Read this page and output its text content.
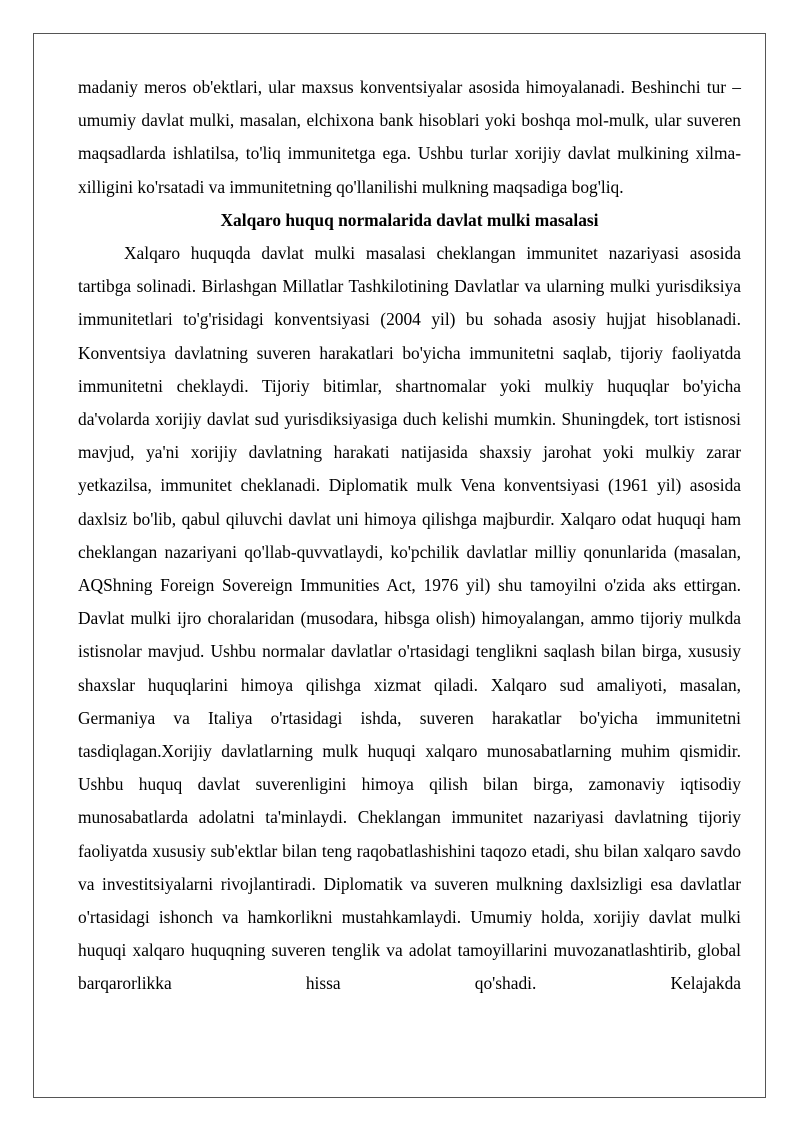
madaniy meros ob'ektlari, ular maxsus konventsiyalar asosida himoyalanadi. Beshinchi tur – umumiy davlat mulki, masalan, elchixona bank hisoblari yoki boshqa mol-mulk, ular suveren maqsadlarda ishlatilsa, to'liq immunitetga ega. Ushbu turlar xorijiy davlat mulkining xilma-xilligini ko'rsatadi va immunitetning qo'llanilishi mulkning maqsadiga bog'liq.

Xalqaro huquq normalarida davlat mulki masalasi

Xalqaro huquqda davlat mulki masalasi cheklangan immunitet nazariyasi asosida tartibga solinadi. Birlashgan Millatlar Tashkilotining Davlatlar va ularning mulki yurisdiksiya immunitetlari to'g'risidagi konventsiyasi (2004 yil) bu sohada asosiy hujjat hisoblanadi. Konventsiya davlatning suveren harakatlari bo'yicha immunitetni saqlab, tijoriy faoliyatda immunitetni cheklaydi. Tijoriy bitimlar, shartnomalar yoki mulkiy huquqlar bo'yicha da'volarda xorijiy davlat sud yurisdiksiyasiga duch kelishi mumkin. Shuningdek, tort istisnosi mavjud, ya'ni xorijiy davlatning harakati natijasida shaxsiy jarohat yoki mulkiy zarar yetkazilsa, immunitet cheklanadi. Diplomatik mulk Vena konventsiyasi (1961 yil) asosida daxlsiz bo'lib, qabul qiluvchi davlat uni himoya qilishga majburdir. Xalqaro odat huquqi ham cheklangan nazariyani qo'llab-quvvatlaydi, ko'pchilik davlatlar milliy qonunlarida (masalan, AQShning Foreign Sovereign Immunities Act, 1976 yil) shu tamoyilni o'zida aks ettirgan. Davlat mulki ijro choralaridan (musodara, hibsga olish) himoyalangan, ammo tijoriy mulkda istisnolar mavjud. Ushbu normalar davlatlar o'rtasidagi tenglikni saqlash bilan birga, xususiy shaxslar huquqlarini himoya qilishga xizmat qiladi. Xalqaro sud amaliyoti, masalan, Germaniya va Italiya o'rtasidagi ishda, suveren harakatlar bo'yicha immunitetni tasdiqlagan.Xorijiy davlatlarning mulk huquqi xalqaro munosabatlarning muhim qismidir. Ushbu huquq davlat suverenligini himoya qilish bilan birga, zamonaviy iqtisodiy munosabatlarda adolatni ta'minlaydi. Cheklangan immunitet nazariyasi davlatning tijoriy faoliyatda xususiy sub'ektlar bilan teng raqobatlashishini taqozo etadi, shu bilan xalqaro savdo va investitsiyalarni rivojlantiradi. Diplomatik va suveren mulkning daxlsizligi esa davlatlar o'rtasidagi ishonch va hamkorlikni mustahkamlaydi. Umumiy holda, xorijiy davlat mulki huquqi xalqaro huquqning suveren tenglik va adolat tamoyillarini muvozanatlashtirib, global barqarorlikka hissa qo'shadi. Kelajakda
